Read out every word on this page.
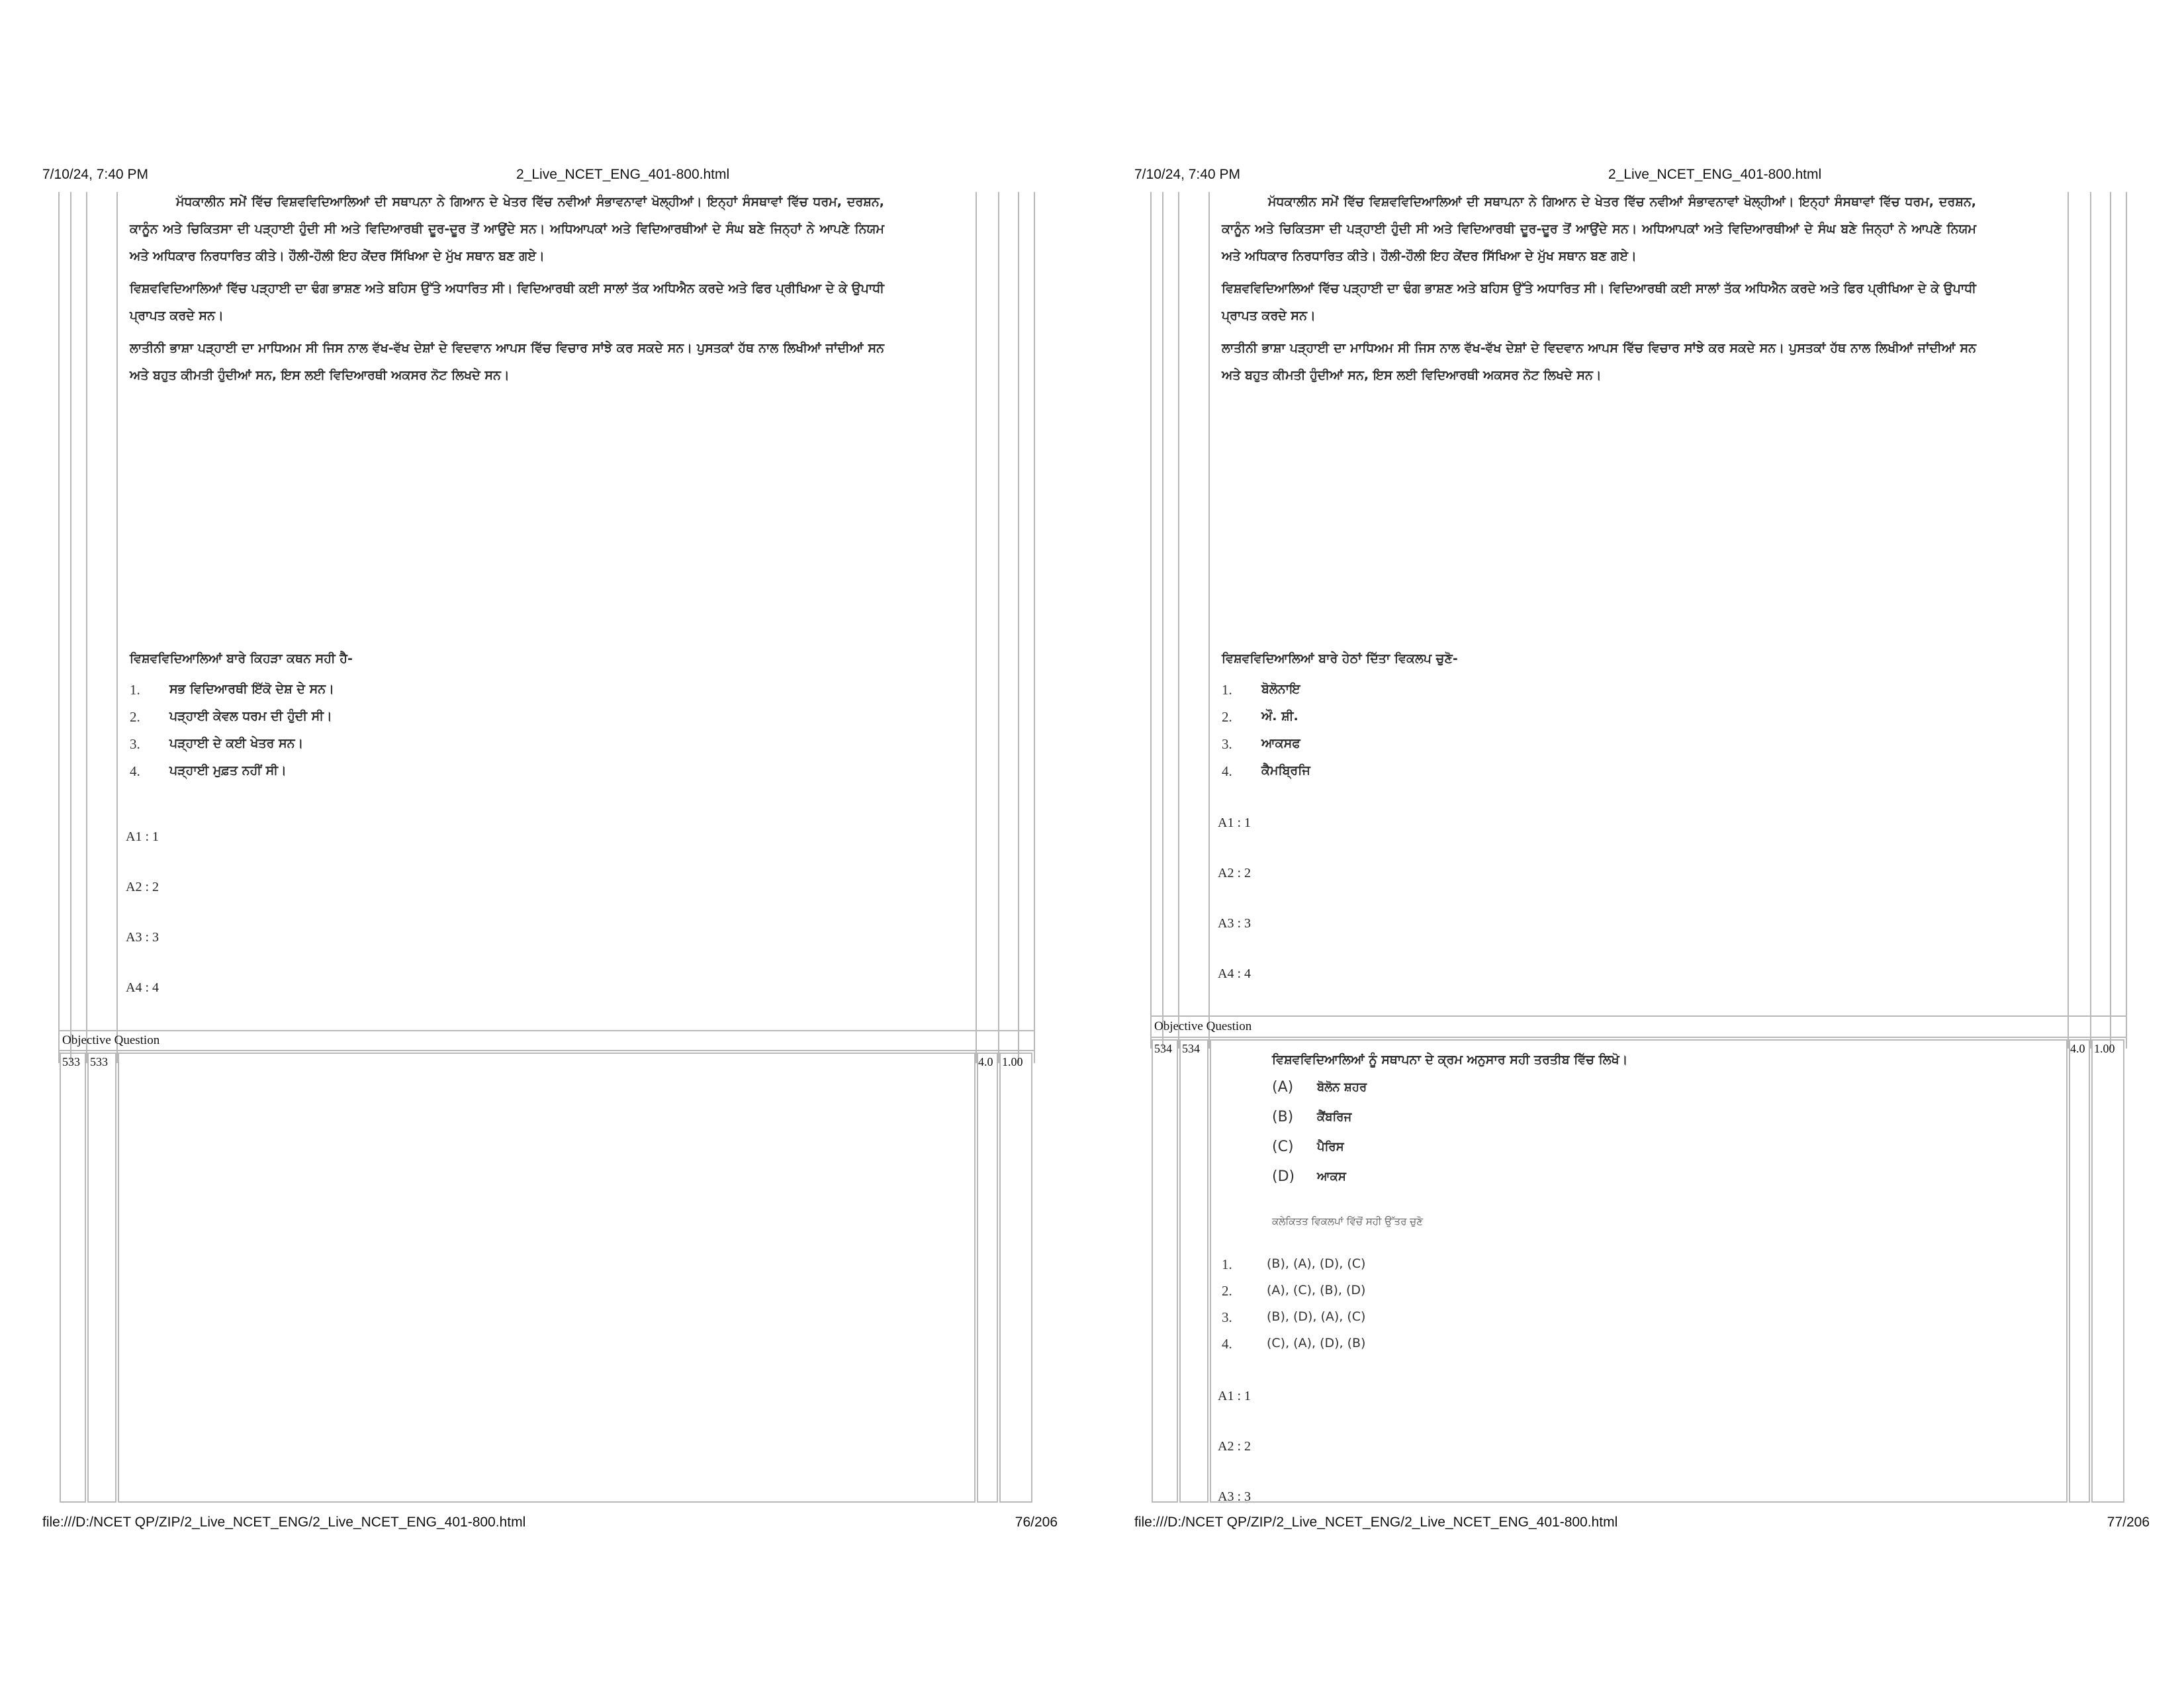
7/10/24, 7:40 PM	2_Live_NCET_ENG_401-800.html

ਮੱਧਕਾਲੀਨ ਸਮੇਂ ਵਿੱਚ ਵਿਸ਼ਵਵਿਦਿਆਲਿਆਂ ਦੀ ਸਥਾਪਨਾ ਨੇ ਗਿਆਨ ਦੇ ਖੇਤਰ ਵਿੱਚ ਨਵੀਆਂ ਸੰਭਾਵਨਾਵਾਂ ਖੋਲ੍ਹੀਆਂ। ਇਨ੍ਹਾਂ ਸੰਸਥਾਵਾਂ ਵਿੱਚ ਧਰਮ, ਦਰਸ਼ਨ, ਕਾਨੂੰਨ ਅਤੇ ਚਿਕਿਤਸਾ ਦੀ ਪੜ੍ਹਾਈ ਹੁੰਦੀ ਸੀ ਅਤੇ ਵਿਦਿਆਰਥੀ ਦੂਰ-ਦੂਰ ਤੋਂ ਆਉਂਦੇ ਸਨ। ਅਧਿਆਪਕਾਂ ਅਤੇ ਵਿਦਿਆਰਥੀਆਂ ਦੇ ਸੰਘ ਬਣੇ ਜਿਨ੍ਹਾਂ ਨੇ ਆਪਣੇ ਨਿਯਮ ਅਤੇ ਅਧਿਕਾਰ ਨਿਰਧਾਰਿਤ ਕੀਤੇ। ਹੌਲੀ-ਹੌਲੀ ਇਹ ਕੇਂਦਰ ਸਿੱਖਿਆ ਦੇ ਮੁੱਖ ਸਥਾਨ ਬਣ ਗਏ।

ਵਿਸ਼ਵਵਿਦਿਆਲਿਆਂ ਵਿੱਚ ਪੜ੍ਹਾਈ ਦਾ ਢੰਗ ਭਾਸ਼ਣ ਅਤੇ ਬਹਿਸ ਉੱਤੇ ਅਧਾਰਿਤ ਸੀ। ਵਿਦਿਆਰਥੀ ਕਈ ਸਾਲਾਂ ਤੱਕ ਅਧਿਐਨ ਕਰਦੇ ਅਤੇ ਫਿਰ ਪ੍ਰੀਖਿਆ ਦੇ ਕੇ ਉਪਾਧੀ ਪ੍ਰਾਪਤ ਕਰਦੇ ਸਨ।

ਲਾਤੀਨੀ ਭਾਸ਼ਾ ਪੜ੍ਹਾਈ ਦਾ ਮਾਧਿਅਮ ਸੀ ਜਿਸ ਨਾਲ ਵੱਖ-ਵੱਖ ਦੇਸ਼ਾਂ ਦੇ ਵਿਦਵਾਨ ਆਪਸ ਵਿੱਚ ਵਿਚਾਰ ਸਾਂਝੇ ਕਰ ਸਕਦੇ ਸਨ। ਪੁਸਤਕਾਂ ਹੱਥ ਨਾਲ ਲਿਖੀਆਂ ਜਾਂਦੀਆਂ ਸਨ ਅਤੇ ਬਹੁਤ ਕੀਮਤੀ ਹੁੰਦੀਆਂ ਸਨ, ਇਸ ਲਈ ਵਿਦਿਆਰਥੀ ਅਕਸਰ ਨੋਟ ਲਿਖਦੇ ਸਨ।

ਵਿਸ਼ਵਵਿਦਿਆਲਿਆਂ ਬਾਰੇ ਕਿਹੜਾ ਕਥਨ ਸਹੀ ਹੈ-
1.	ਸਭ ਵਿਦਿਆਰਥੀ ਇੱਕੋ ਦੇਸ਼ ਦੇ ਸਨ।
2.	ਪੜ੍ਹਾਈ ਕੇਵਲ ਧਰਮ ਦੀ ਹੁੰਦੀ ਸੀ।
3.	ਪੜ੍ਹਾਈ ਦੇ ਕਈ ਖੇਤਰ ਸਨ।
4.	ਪੜ੍ਹਾਈ ਮੁਫ਼ਤ ਨਹੀਂ ਸੀ।
A1 : 1
A2 : 2
A3 : 3
A4 : 4
Objective Question
533 533	4.0 1.00
file:///D:/NCET QP/ZIP/2_Live_NCET_ENG/2_Live_NCET_ENG_401-800.html	76/206
7/10/24, 7:40 PM	2_Live_NCET_ENG_401-800.html

ਮੱਧਕਾਲੀਨ ਸਮੇਂ ਵਿੱਚ ਵਿਸ਼ਵਵਿਦਿਆਲਿਆਂ ਦੀ ਸਥਾਪਨਾ ਨੇ ਗਿਆਨ ਦੇ ਖੇਤਰ ਵਿੱਚ ਨਵੀਆਂ ਸੰਭਾਵਨਾਵਾਂ ਖੋਲ੍ਹੀਆਂ। ਇਨ੍ਹਾਂ ਸੰਸਥਾਵਾਂ ਵਿੱਚ ਧਰਮ, ਦਰਸ਼ਨ, ਕਾਨੂੰਨ ਅਤੇ ਚਿਕਿਤਸਾ ਦੀ ਪੜ੍ਹਾਈ ਹੁੰਦੀ ਸੀ ਅਤੇ ਵਿਦਿਆਰਥੀ ਦੂਰ-ਦੂਰ ਤੋਂ ਆਉਂਦੇ ਸਨ। ਅਧਿਆਪਕਾਂ ਅਤੇ ਵਿਦਿਆਰਥੀਆਂ ਦੇ ਸੰਘ ਬਣੇ ਜਿਨ੍ਹਾਂ ਨੇ ਆਪਣੇ ਨਿਯਮ ਅਤੇ ਅਧਿਕਾਰ ਨਿਰਧਾਰਿਤ ਕੀਤੇ। ਹੌਲੀ-ਹੌਲੀ ਇਹ ਕੇਂਦਰ ਸਿੱਖਿਆ ਦੇ ਮੁੱਖ ਸਥਾਨ ਬਣ ਗਏ।

ਵਿਸ਼ਵਵਿਦਿਆਲਿਆਂ ਵਿੱਚ ਪੜ੍ਹਾਈ ਦਾ ਢੰਗ ਭਾਸ਼ਣ ਅਤੇ ਬਹਿਸ ਉੱਤੇ ਅਧਾਰਿਤ ਸੀ। ਵਿਦਿਆਰਥੀ ਕਈ ਸਾਲਾਂ ਤੱਕ ਅਧਿਐਨ ਕਰਦੇ ਅਤੇ ਫਿਰ ਪ੍ਰੀਖਿਆ ਦੇ ਕੇ ਉਪਾਧੀ ਪ੍ਰਾਪਤ ਕਰਦੇ ਸਨ।

ਲਾਤੀਨੀ ਭਾਸ਼ਾ ਪੜ੍ਹਾਈ ਦਾ ਮਾਧਿਅਮ ਸੀ ਜਿਸ ਨਾਲ ਵੱਖ-ਵੱਖ ਦੇਸ਼ਾਂ ਦੇ ਵਿਦਵਾਨ ਆਪਸ ਵਿੱਚ ਵਿਚਾਰ ਸਾਂਝੇ ਕਰ ਸਕਦੇ ਸਨ। ਪੁਸਤਕਾਂ ਹੱਥ ਨਾਲ ਲਿਖੀਆਂ ਜਾਂਦੀਆਂ ਸਨ ਅਤੇ ਬਹੁਤ ਕੀਮਤੀ ਹੁੰਦੀਆਂ ਸਨ, ਇਸ ਲਈ ਵਿਦਿਆਰਥੀ ਅਕਸਰ ਨੋਟ ਲਿਖਦੇ ਸਨ।

ਵਿਸ਼ਵਵਿਦਿਆਲਿਆਂ ਬਾਰੇ ਹੇਠਾਂ ਦਿੱਤਾ ਵਿਕਲਪ ਚੁਣੋ-
1.	ਬੋਲੋਨਾਇ
2.	ਔ. ਸ਼ੀ.
3.	ਆਕਸਫ
4.	ਕੈਮਬ੍ਰਿਜਿ
A1 : 1
A2 : 2
A3 : 3
A4 : 4
Objective Question
534 534	4.0 1.00
ਵਿਸ਼ਵਵਿਦਿਆਲਿਆਂ ਨੂੰ ਸਥਾਪਨਾ ਦੇ ਕ੍ਰਮ ਅਨੁਸਾਰ ਸਹੀ ਤਰਤੀਬ ਵਿੱਚ ਲਿਖੋ।
(A)	ਬੋਲੋਨ ਸ਼ਹਰ
(B)	ਕੈਂਬਰਿਜ
(C)	ਪੈਰਿਸ
(D)	ਆਕਸ
ਕਲੇਕਿਤਤ ਵਿਕਲਪਾਂ ਵਿੱਚੋਂ ਸਹੀ ਉੱਤਰ ਚੁਣੋ
1.	(B), (A), (D), (C)
2.	(A), (C), (B), (D)
3.	(B), (D), (A), (C)
4.	(C), (A), (D), (B)
A1 : 1
A2 : 2
A3 : 3
file:///D:/NCET QP/ZIP/2_Live_NCET_ENG/2_Live_NCET_ENG_401-800.html	77/206
